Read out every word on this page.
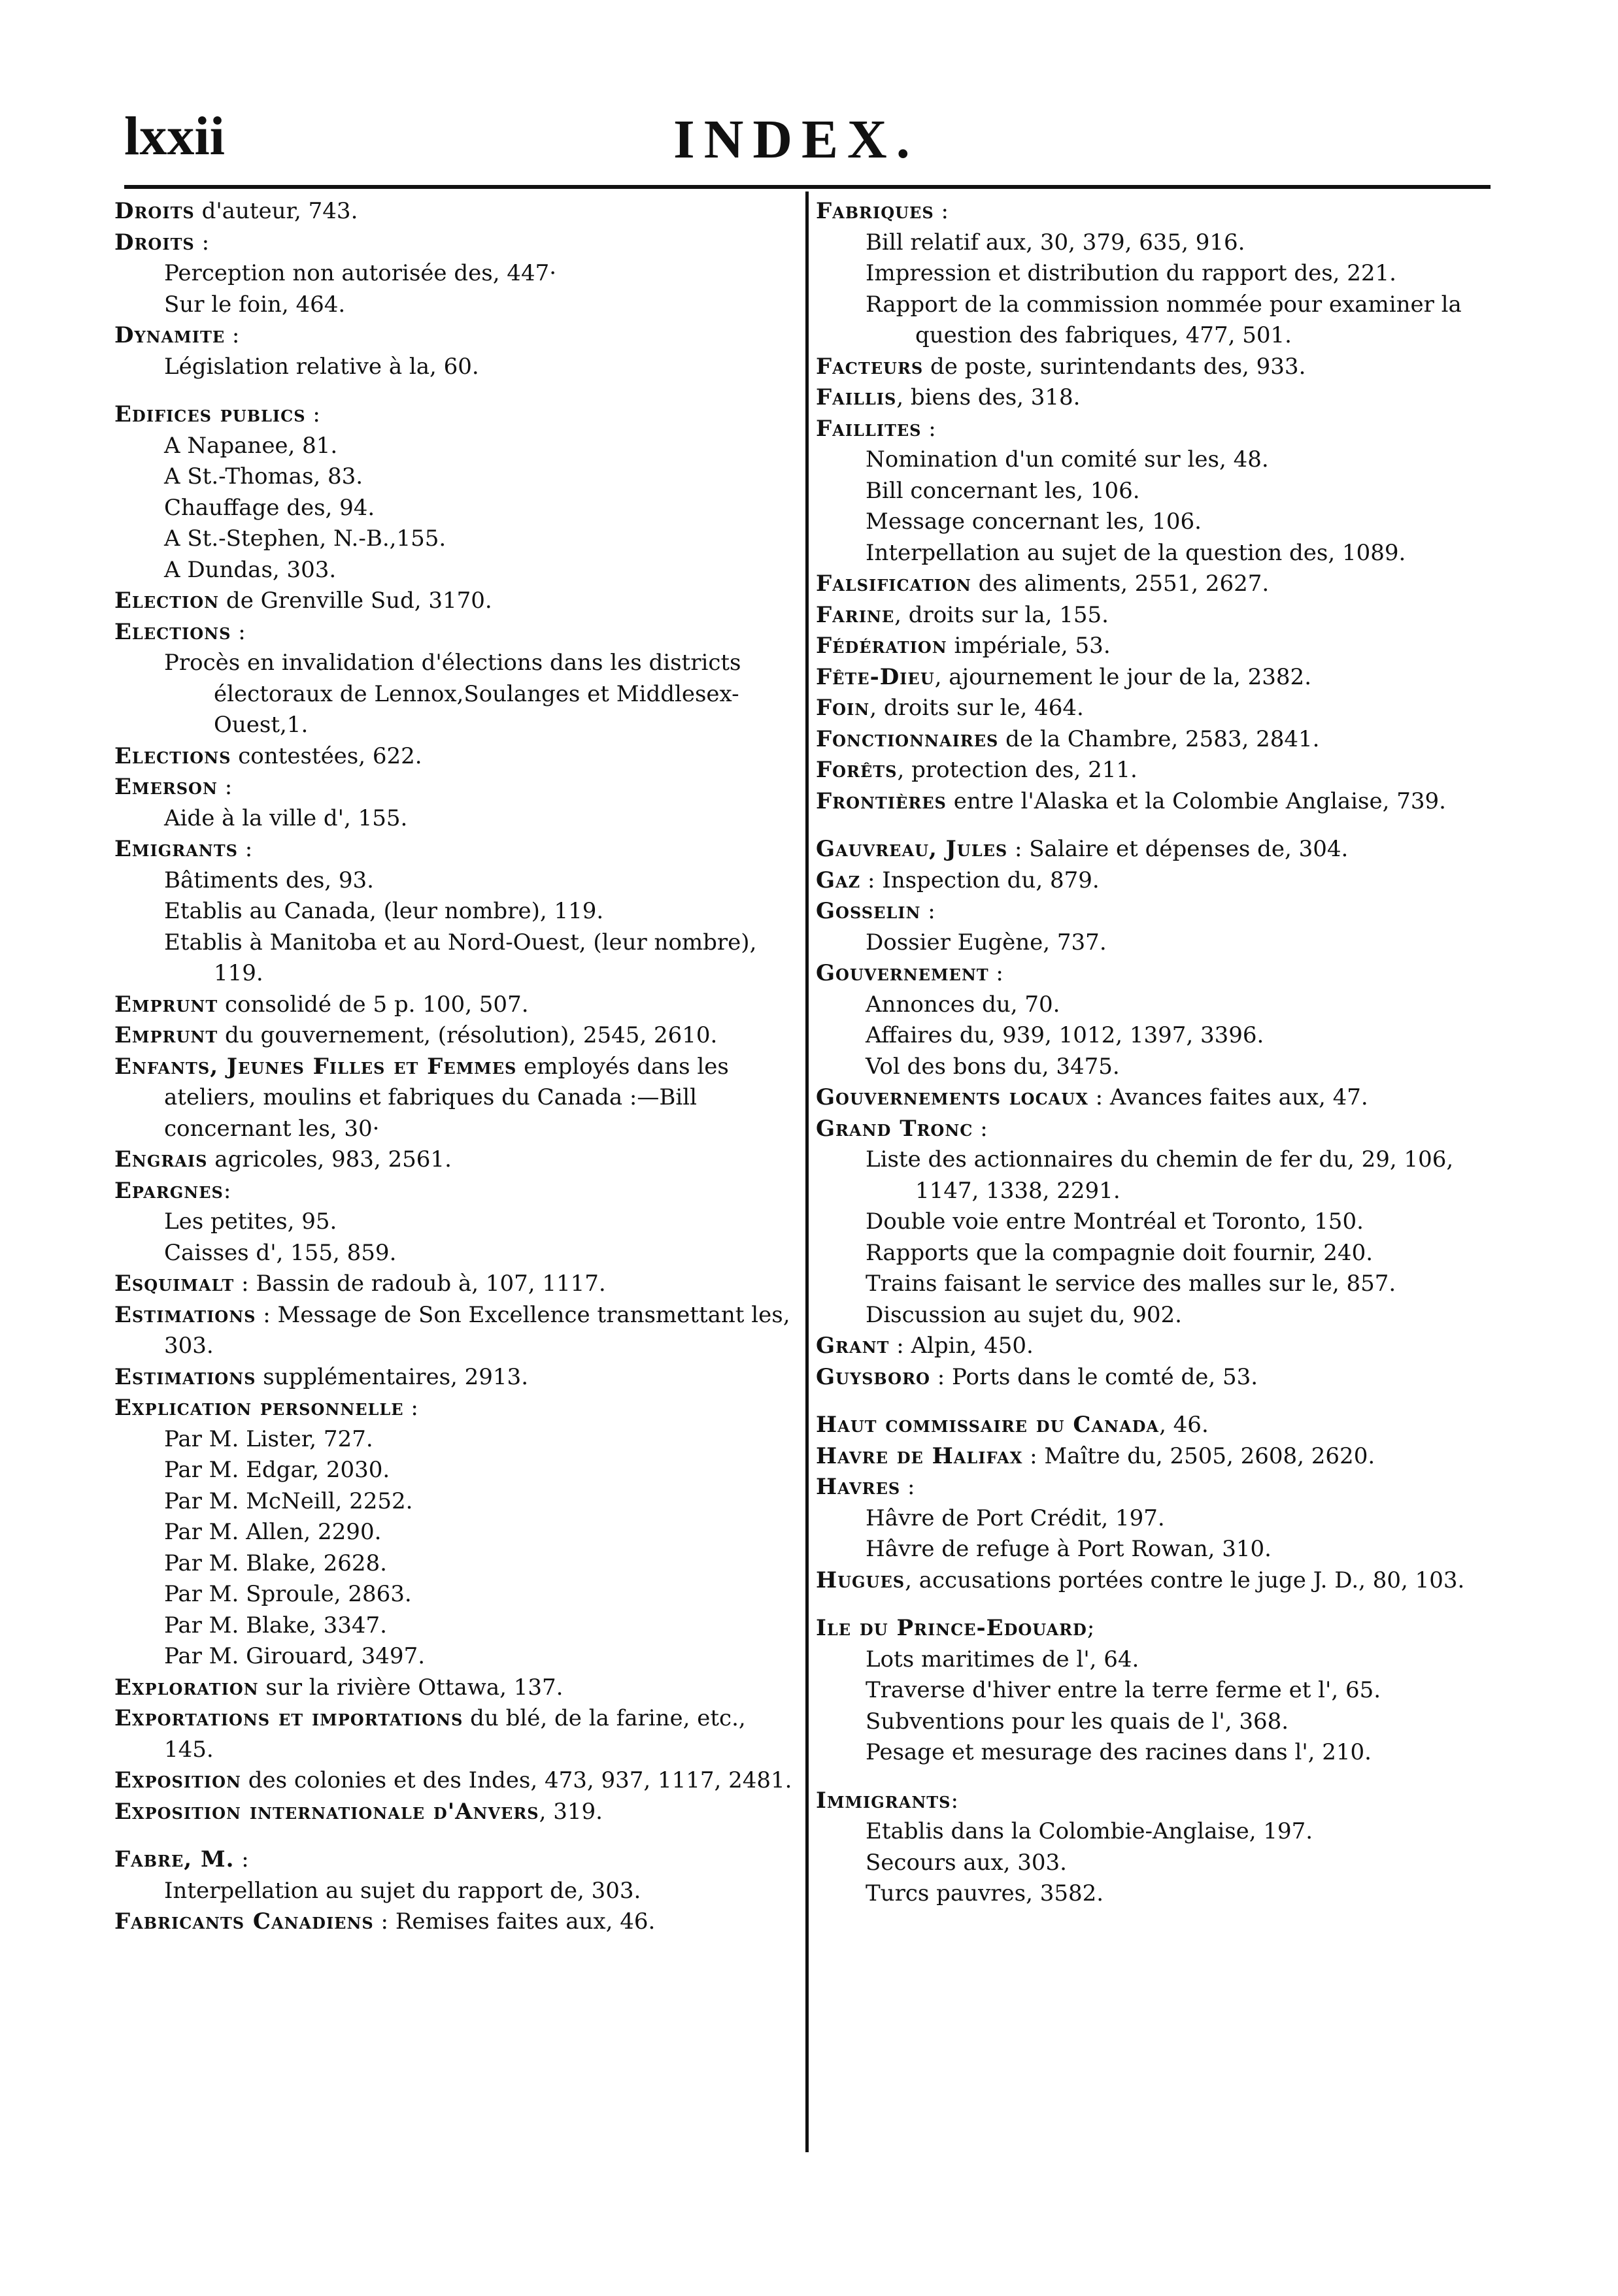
lxxii	INDEX.

Droits d'auteur, 743.

Droits :

Perception non autorisée des, 447·

Sur le foin, 464.

Dynamite :

Législation relative à la, 60.

Edifices publics :

A Napanee, 81.

A St.-Thomas, 83.

Chauffage des, 94.

A St.-Stephen, N.-B.,155.

A Dundas, 303.

Election de Grenville Sud, 3170.

Elections :

Procès en invalidation d'élections dans les districts électoraux de Lennox,Soulanges et Middlesex-Ouest,1.

Elections contestées, 622.

Emerson :

Aide à la ville d', 155.

Emigrants :

Bâtiments des, 93.

Etablis au Canada, (leur nombre), 119.

Etablis à Manitoba et au Nord-Ouest, (leur nombre), 119.

Emprunt consolidé de 5 p. 100, 507.

Emprunt du gouvernement, (résolution), 2545, 2610.

Enfants, Jeunes Filles et Femmes employés dans les ateliers, moulins et fabriques du Canada :—Bill concernant les, 30·

Engrais agricoles, 983, 2561.

Epargnes:

Les petites, 95.

Caisses d', 155, 859.

Esquimalt : Bassin de radoub à, 107, 1117.

Estimations : Message de Son Excellence transmettant les, 303.

Estimations supplémentaires, 2913.

Explication personnelle :

Par M. Lister, 727.

Par M. Edgar, 2030.

Par M. McNeill, 2252.

Par M. Allen, 2290.

Par M. Blake, 2628.

Par M. Sproule, 2863.

Par M. Blake, 3347.

Par M. Girouard, 3497.

Exploration sur la rivière Ottawa, 137.

Exportations et importations du blé, de la farine, etc., 145.

Exposition des colonies et des Indes, 473, 937, 1117, 2481.

Exposition internationale d'Anvers, 319.

Fabre, M. :

Interpellation au sujet du rapport de, 303.

Fabricants Canadiens : Remises faites aux, 46.

Fabriques :

Bill relatif aux, 30, 379, 635, 916.

Impression et distribution du rapport des, 221.

Rapport de la commission nommée pour examiner la question des fabriques, 477, 501.

Facteurs de poste, surintendants des, 933.

Faillis, biens des, 318.

Faillites :

Nomination d'un comité sur les, 48.

Bill concernant les, 106.

Message concernant les, 106.

Interpellation au sujet de la question des, 1089.

Falsification des aliments, 2551, 2627.

Farine, droits sur la, 155.

Fédération impériale, 53.

Fête-Dieu, ajournement le jour de la, 2382.

Foin, droits sur le, 464.

Fonctionnaires de la Chambre, 2583, 2841.

Forêts, protection des, 211.

Frontières entre l'Alaska et la Colombie Anglaise, 739.

Gauvreau, Jules : Salaire et dépenses de, 304.

Gaz : Inspection du, 879.

Gosselin :

Dossier Eugène, 737.

Gouvernement :

Annonces du, 70.

Affaires du, 939, 1012, 1397, 3396.

Vol des bons du, 3475.

Gouvernements locaux : Avances faites aux, 47.

Grand Tronc :

Liste des actionnaires du chemin de fer du, 29, 106, 1147, 1338, 2291.

Double voie entre Montréal et Toronto, 150.

Rapports que la compagnie doit fournir, 240.

Trains faisant le service des malles sur le, 857.

Discussion au sujet du, 902.

Grant : Alpin, 450.

Guysboro : Ports dans le comté de, 53.

Haut commissaire du Canada, 46.

Havre de Halifax : Maître du, 2505, 2608, 2620.

Havres :

Hâvre de Port Crédit, 197.

Hâvre de refuge à Port Rowan, 310.

Hugues, accusations portées contre le juge J. D., 80, 103.

Ile du Prince-Edouard;

Lots maritimes de l', 64.

Traverse d'hiver entre la terre ferme et l', 65.

Subventions pour les quais de l', 368.

Pesage et mesurage des racines dans l', 210.

Immigrants:

Etablis dans la Colombie-Anglaise, 197.

Secours aux, 303.

Turcs pauvres, 3582.
